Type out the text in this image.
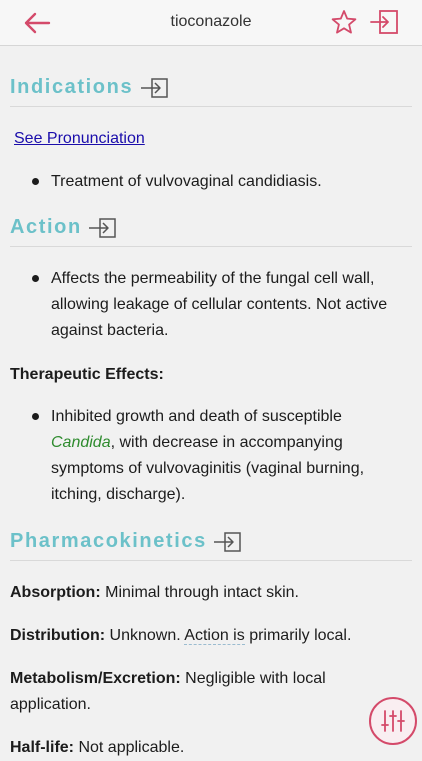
tioconazole
Indications
See Pronunciation
Treatment of vulvovaginal candidiasis.
Action
Affects the permeability of the fungal cell wall, allowing leakage of cellular contents. Not active against bacteria.
Therapeutic Effects:
Inhibited growth and death of susceptible Candida, with decrease in accompanying symptoms of vulvovaginitis (vaginal burning, itching, discharge).
Pharmacokinetics
Absorption: Minimal through intact skin.
Distribution: Unknown. Action is primarily local.
Metabolism/Excretion: Negligible with local application.
Half-life: Not applicable.
